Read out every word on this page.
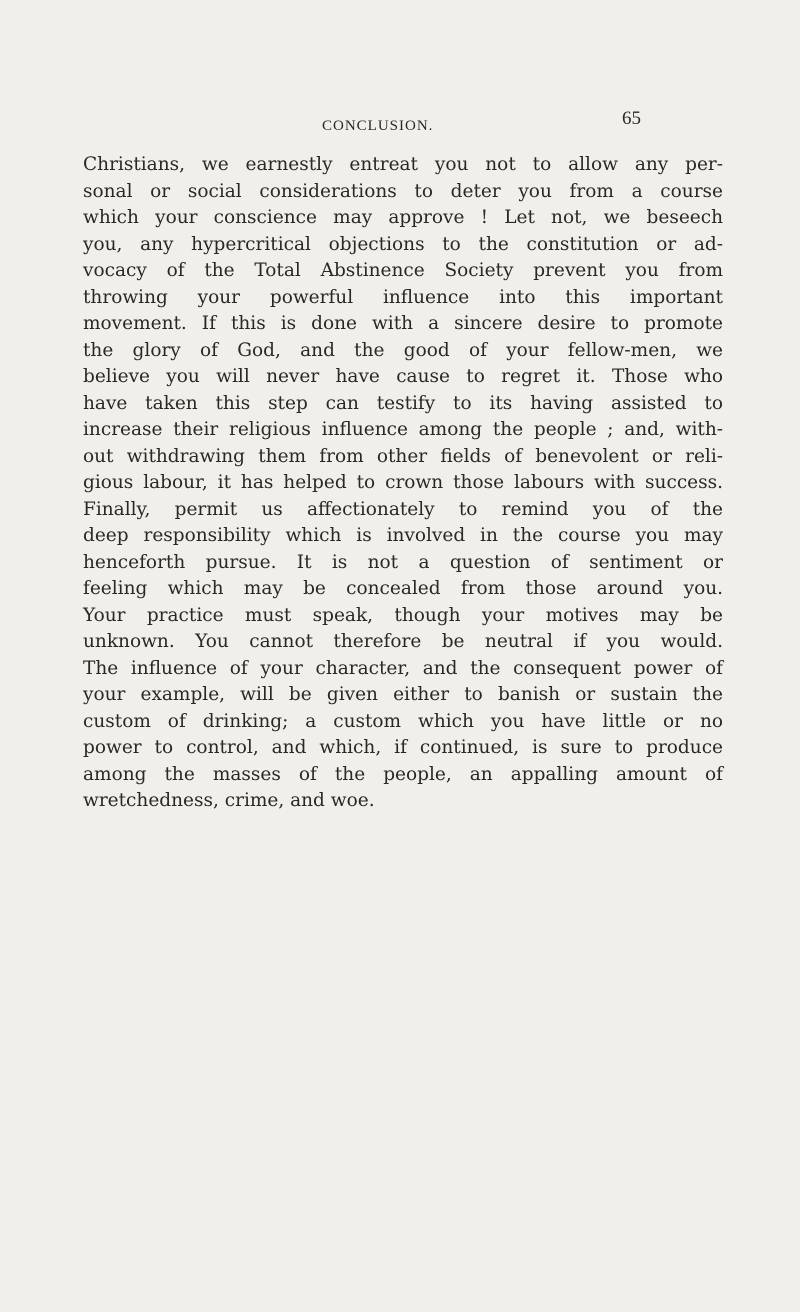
CONCLUSION.	65
Christians, we earnestly entreat you not to allow any per-
sonal or social considerations to deter you from a course
which your conscience may approve ! Let not, we beseech
you, any hypercritical objections to the constitution or ad-
vocacy of the Total Abstinence Society prevent you from
throwing your powerful influence into this important
movement. If this is done with a sincere desire to promote
the glory of God, and the good of your fellow-men, we
believe you will never have cause to regret it. Those who
have taken this step can testify to its having assisted to
increase their religious influence among the people ; and, with-
out withdrawing them from other fields of benevolent or reli-
gious labour, it has helped to crown those labours with success.
Finally, permit us affectionately to remind you of the
deep responsibility which is involved in the course you may
henceforth pursue. It is not a question of sentiment or
feeling which may be concealed from those around you.
Your practice must speak, though your motives may be
unknown. You cannot therefore be neutral if you would.
The influence of your character, and the consequent power of
your example, will be given either to banish or sustain the
custom of drinking; a custom which you have little or no
power to control, and which, if continued, is sure to produce
among the masses of the people, an appalling amount of
wretchedness, crime, and woe.
